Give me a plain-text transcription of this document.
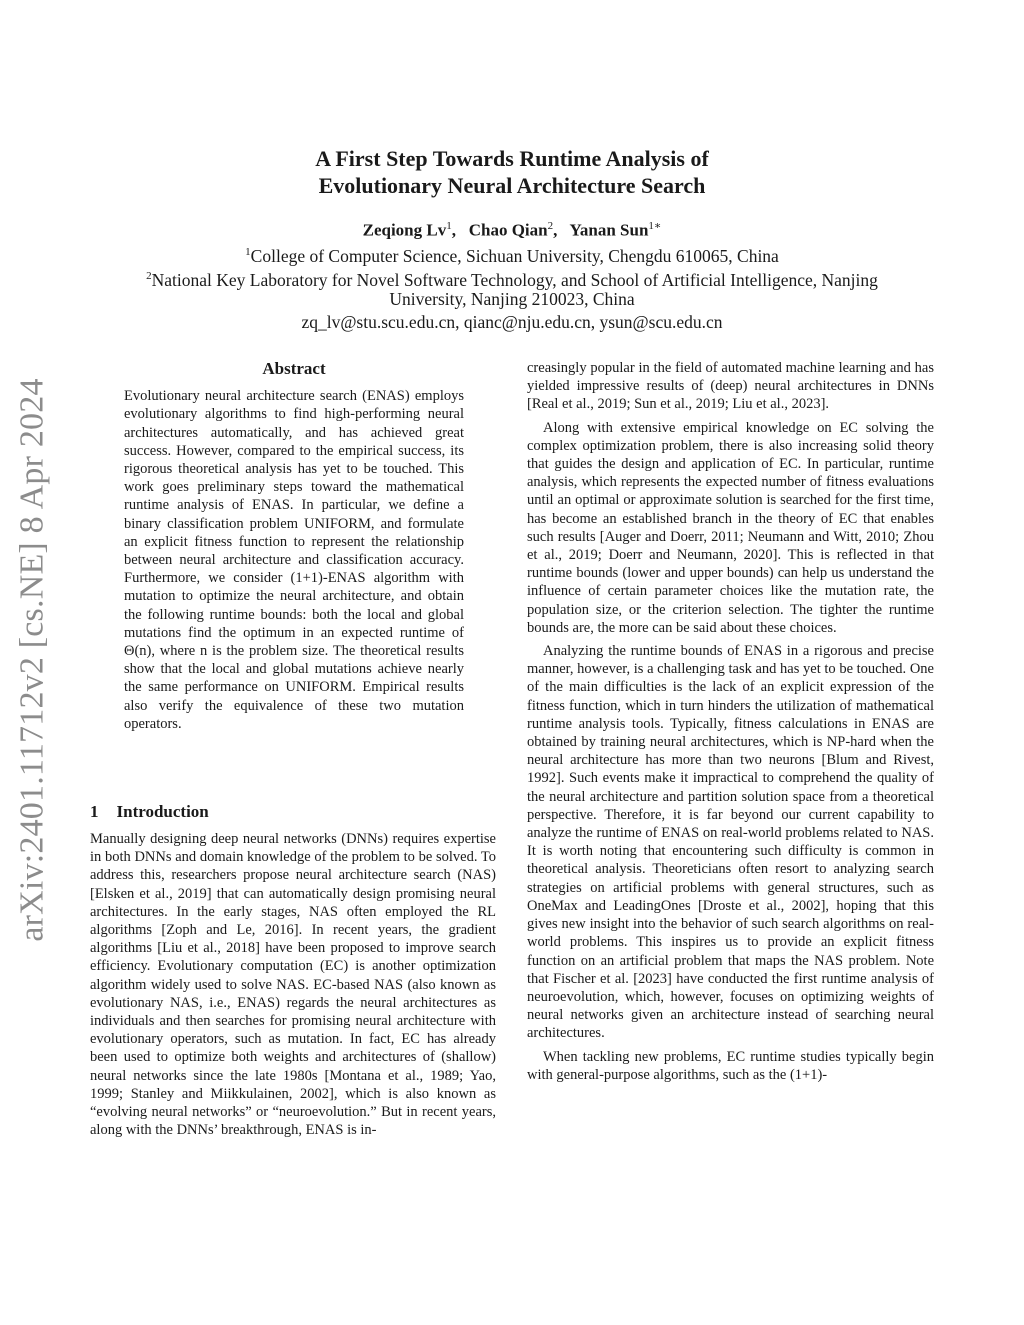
arXiv:2401.11712v2 [cs.NE] 8 Apr 2024
A First Step Towards Runtime Analysis of
Evolutionary Neural Architecture Search
Zeqiong Lv$^1$,   Chao Qian$^2$,   Yanan Sun$^{1∗}$
$^1$College of Computer Science, Sichuan University, Chengdu 610065, China
$^2$National Key Laboratory for Novel Software Technology, and School of Artificial Intelligence, Nanjing
University, Nanjing 210023, China
zq_lv@stu.scu.edu.cn, qianc@nju.edu.cn, ysun@scu.edu.cn
Abstract
Evolutionary neural architecture search (ENAS) employs evolutionary algorithms to find high-performing neural architectures automatically, and has achieved great success. However, compared to the empirical success, its rigorous theoretical analysis has yet to be touched. This work goes preliminary steps toward the mathematical runtime analysis of ENAS. In particular, we define a binary classification problem UNIFORM, and formulate an explicit fitness function to represent the relationship between neural architecture and classification accuracy. Furthermore, we consider (1+1)-ENAS algorithm with mutation to optimize the neural architecture, and obtain the following runtime bounds: both the local and global mutations find the optimum in an expected runtime of Θ(n), where n is the problem size. The theoretical results show that the local and global mutations achieve nearly the same performance on UNIFORM. Empirical results also verify the equivalence of these two mutation operators.
1 Introduction

Manually designing deep neural networks (DNNs) requires expertise in both DNNs and domain knowledge of the problem to be solved. To address this, researchers propose neural architecture search (NAS) [Elsken et al., 2019] that can automatically design promising neural architectures. In the early stages, NAS often employed the RL algorithms [Zoph and Le, 2016]. In recent years, the gradient algorithms [Liu et al., 2018] have been proposed to improve search efficiency. Evolutionary computation (EC) is another optimization algorithm widely used to solve NAS. EC-based NAS (also known as evolutionary NAS, i.e., ENAS) regards the neural architectures as individuals and then searches for promising neural architecture with evolutionary operators, such as mutation. In fact, EC has already been used to optimize both weights and architectures of (shallow) neural networks since the late 1980s [Montana et al., 1989; Yao, 1999; Stanley and Miikkulainen, 2002], which is also known as “evolving neural networks” or “neuroevolution.” But in recent years, along with the DNNs’ breakthrough, ENAS is in-

creasingly popular in the field of automated machine learning and has yielded impressive results of (deep) neural architectures in DNNs [Real et al., 2019; Sun et al., 2019; Liu et al., 2023].

Along with extensive empirical knowledge on EC solving the complex optimization problem, there is also increasing solid theory that guides the design and application of EC. In particular, runtime analysis, which represents the expected number of fitness evaluations until an optimal or approximate solution is searched for the first time, has become an established branch in the theory of EC that enables such results [Auger and Doerr, 2011; Neumann and Witt, 2010; Zhou et al., 2019; Doerr and Neumann, 2020]. This is reflected in that runtime bounds (lower and upper bounds) can help us understand the influence of certain parameter choices like the mutation rate, the population size, or the criterion selection. The tighter the runtime bounds are, the more can be said about these choices.

Analyzing the runtime bounds of ENAS in a rigorous and precise manner, however, is a challenging task and has yet to be touched. One of the main difficulties is the lack of an explicit expression of the fitness function, which in turn hinders the utilization of mathematical runtime analysis tools. Typically, fitness calculations in ENAS are obtained by training neural architectures, which is NP-hard when the neural architecture has more than two neurons [Blum and Rivest, 1992]. Such events make it impractical to comprehend the quality of the neural architecture and partition solution space from a theoretical perspective. Therefore, it is far beyond our current capability to analyze the runtime of ENAS on real-world problems related to NAS. It is worth noting that encountering such difficulty is common in theoretical analysis. Theoreticians often resort to analyzing search strategies on artificial problems with general structures, such as OneMax and LeadingOnes [Droste et al., 2002], hoping that this gives new insight into the behavior of such search algorithms on real-world problems. This inspires us to provide an explicit fitness function on an artificial problem that maps the NAS problem. Note that Fischer et al. [2023] have conducted the first runtime analysis of neuroevolution, which, however, focuses on optimizing weights of neural networks given an architecture instead of searching neural architectures.

When tackling new problems, EC runtime studies typically begin with general-purpose algorithms, such as the (1+1)-
